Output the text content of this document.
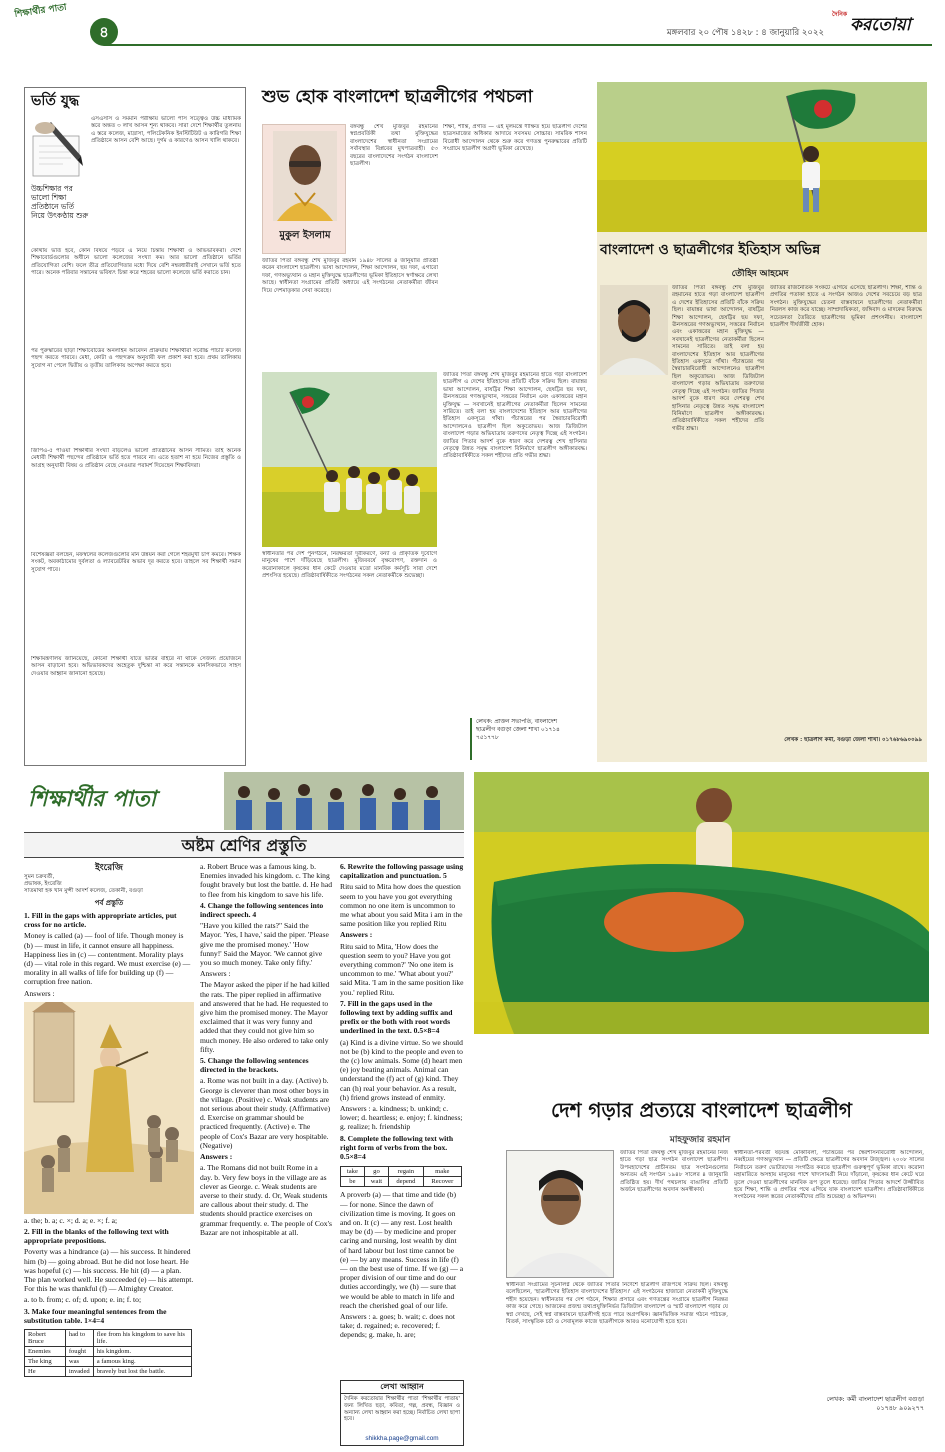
শিক্ষার্থীর পাতা
৪	মঙ্গলবার ২০ পৌষ ১৪২৮ : ৪ জানুয়ারি ২০২২
দৈনিক
করতোয়া
ভর্তি যুদ্ধ
উচ্চশিক্ষার পর ভালো শিক্ষা প্রতিষ্ঠানে ভর্তি নিয়ে উৎকণ্ঠায় শুরু
এসএসসি ও সমমান পরীক্ষায় ভালো পাস সত্ত্বেও উচ্চ মাধ্যমিক স্তরে অন্তত ৩ লাখ আসন শূন্য থাকবে। সারা দেশে শিক্ষার্থীর তুলনায় এ স্তরে কলেজ, মাদ্রাসা, পলিটেকনিক ইনস্টিটিউট ও কারিগরি শিক্ষা প্রতিষ্ঠানে আসন বেশি আছে। দুর্গম ও কারণেও আসন খালি থাকবে।
কোথায় ভর্তি হবে, কোন বিষয়ে পড়বে এ নিয়ে চিন্তায় শিক্ষার্থী ও অভিভাবকরা। দেশে শিক্ষাবোর্ডগুলোর অধীনে ভালো কলেজের সংখ্যা কম। আর ভালো প্রতিষ্ঠানে ভর্তির প্রতিযোগিতা বেশি। ফলে তীব্র প্রতিযোগিতার মধ্যে দিয়ে বেশি নম্বরধারীরাই সেখানে ভর্তি হতে পারে। অনেক পরিবার সন্তানের ভবিষ্যৎ চিন্তা করে শহরের ভালো কলেজে ভর্তি করাতে চান।
পর পুরুস্কারের ছাড়া শিক্ষাবোর্ডের অনলাইন আবেদন প্রক্রিয়ায় শিক্ষার্থীরা সর্বোচ্চ পাঁচটি কলেজ পছন্দ করতে পারবে। মেধা, কোটা ও পছন্দক্রম অনুযায়ী ফল প্রকাশ করা হবে। প্রথম তালিকায় সুযোগ না পেলে দ্বিতীয় ও তৃতীয় তালিকায় অপেক্ষা করতে হবে।
জিপিএ-৫ পাওয়া শিক্ষার্থীর সংখ্যা বাড়লেও ভালো প্রতিষ্ঠানের আসন সীমিত। তাই অনেক মেধাবী শিক্ষার্থী পছন্দের প্রতিষ্ঠানে ভর্তি হতে পারবে না। এতে হতাশ না হয়ে নিজের প্রস্তুতি ও আগ্রহ অনুযায়ী বিষয় ও প্রতিষ্ঠান বেছে নেওয়ার পরামর্শ দিয়েছেন শিক্ষাবিদরা।
বিশেষজ্ঞরা বলছেন, মফস্বলের কলেজগুলোর মান উন্নয়ন করা গেলে শহরমুখী চাপ কমবে। শিক্ষক সংকট, অবকাঠামোর দুর্বলতা ও ল্যাবরেটরির অভাব দূর করতে হবে। তাহলে সব শিক্ষার্থী সমান সুযোগ পাবে।
শিক্ষামন্ত্রণালয় জানিয়েছে, কোনো শিক্ষার্থী যাতে ভর্তির বাইরে না থাকে সেজন্য প্রয়োজনে আসন বাড়ানো হবে। অভিভাবকদের অহেতুক দুশ্চিন্তা না করে সন্তানকে মানসিকভাবে সাহস দেওয়ার আহ্বান জানানো হয়েছে।
শুভ হোক বাংলাদেশ ছাত্রলীগের পথচলা
মুকুল ইসলাম
বঙ্গবন্ধু শেখ মুজিবুর রহমানের স্বপ্নপ্রবর্তিকী তথা মুক্তিযুদ্ধের বাংলাদেশের স্বাধীনতা সংগ্রামের সর্বাবস্থার বিপ্লবের মুখপাত্রবাহী। ৫৩ বছরের বাংলাদেশের সংগঠন বাংলাদেশ ছাত্রলীগ।
জাতির পিতা বঙ্গবন্ধু শেখ মুজিবুর রহমান ১৯৪৮ সালের ৪ জানুয়ারি প্রতিষ্ঠা করেন বাংলাদেশ ছাত্রলীগ। ভাষা আন্দোলন, শিক্ষা আন্দোলন, ছয় দফা, এগারো দফা, গণঅভ্যুত্থান ও মহান মুক্তিযুদ্ধে ছাত্রলীগের ভূমিকা ইতিহাসে স্বর্ণাক্ষরে লেখা আছে। স্বাধীনতা সংগ্রামের প্রতিটি অধ্যায়ে এই সংগঠনের নেতাকর্মীরা জীবন দিয়ে দেশমাতৃকার সেবা করেছে।
শিক্ষা, শান্তি, প্রগতি — এই মূলমন্ত্রে দীক্ষিত হয়ে ছাত্রলীগ দেশের ছাত্রসমাজের অধিকার আদায়ে সবসময় সোচ্চার। সামরিক শাসন বিরোধী আন্দোলন থেকে শুরু করে গণতন্ত্র পুনরুদ্ধারের প্রতিটি সংগ্রামে ছাত্রলীগ অগ্রণী ভূমিকা রেখেছে।
স্বাধীনতার পর দেশ পুনর্গঠনে, নিরক্ষরতা দূরীকরণে, বন্যা ও প্রাকৃতিক দুর্যোগে মানুষের পাশে দাঁড়িয়েছে ছাত্রলীগ। মুজিববর্ষে বৃক্ষরোপণ, রক্তদান ও করোনাকালে কৃষকের ধান কেটে দেওয়ার মতো মানবিক কর্মসূচি সারা দেশে প্রশংসিত হয়েছে। প্রতিষ্ঠাবার্ষিকীতে সংগঠনের সকল নেতাকর্মীকে শুভেচ্ছা।
জাতির পিতা বঙ্গবন্ধু শেখ মুজিবুর রহমানের হাতে গড়া বাংলাদেশ ছাত্রলীগ এ দেশের ইতিহাসের প্রতিটি বাঁকে সক্রিয় ছিল। বায়ান্নর ভাষা আন্দোলন, বাষট্টির শিক্ষা আন্দোলন, ছেষট্টির ছয় দফা, ঊনসত্তরের গণঅভ্যুত্থান, সত্তরের নির্বাচন এবং একাত্তরের মহান মুক্তিযুদ্ধ — সবখানেই ছাত্রলীগের নেতাকর্মীরা ছিলেন সামনের সারিতে। তাই বলা হয় বাংলাদেশের ইতিহাস আর ছাত্রলীগের ইতিহাস একসূত্রে গাঁথা। পঁচাত্তরের পর স্বৈরাচারবিরোধী আন্দোলনেও ছাত্রলীগ ছিল অকুতোভয়। আজ ডিজিটাল বাংলাদেশ গড়ার অভিযাত্রায় তরুণদের নেতৃত্ব দিচ্ছে এই সংগঠন। জাতির পিতার আদর্শ বুকে ধারণ করে দেশরত্ন শেখ হাসিনার নেতৃত্বে উন্নত সমৃদ্ধ বাংলাদেশ বিনির্মাণে ছাত্রলীগ অঙ্গীকারবদ্ধ। প্রতিষ্ঠাবার্ষিকীতে সকল শহীদের প্রতি গভীর শ্রদ্ধা।
লেখক: প্রাক্তন সভাপতি, বাংলাদেশ ছাত্রলীগ বগুড়া জেলা শাখা ০১৭১৪ ৭৫১৭৭৮
বাংলাদেশ ও ছাত্রলীগের ইতিহাস অভিন্ন
তৌহিদ আহমেদ
জাতির পিতা বঙ্গবন্ধু শেখ মুজিবুর রহমানের হাতে গড়া বাংলাদেশ ছাত্রলীগ এ দেশের ইতিহাসের প্রতিটি বাঁকে সক্রিয় ছিল। বায়ান্নর ভাষা আন্দোলন, বাষট্টির শিক্ষা আন্দোলন, ছেষট্টির ছয় দফা, ঊনসত্তরের গণঅভ্যুত্থান, সত্তরের নির্বাচন এবং একাত্তরের মহান মুক্তিযুদ্ধ — সবখানেই ছাত্রলীগের নেতাকর্মীরা ছিলেন সামনের সারিতে। তাই বলা হয় বাংলাদেশের ইতিহাস আর ছাত্রলীগের ইতিহাস একসূত্রে গাঁথা। পঁচাত্তরের পর স্বৈরাচারবিরোধী আন্দোলনেও ছাত্রলীগ ছিল অকুতোভয়। আজ ডিজিটাল বাংলাদেশ গড়ার অভিযাত্রায় তরুণদের নেতৃত্ব দিচ্ছে এই সংগঠন। জাতির পিতার আদর্শ বুকে ধারণ করে দেশরত্ন শেখ হাসিনার নেতৃত্বে উন্নত সমৃদ্ধ বাংলাদেশ বিনির্মাণে ছাত্রলীগ অঙ্গীকারবদ্ধ। প্রতিষ্ঠাবার্ষিকীতে সকল শহীদের প্রতি গভীর শ্রদ্ধা।
জাতির রাজনৈতিক সংকটে এগিয়ে এসেছে ছাত্রলীগ। শিক্ষা, শান্তি ও প্রগতির পতাকা হাতে এ সংগঠন আজও দেশের সবচেয়ে বড় ছাত্র সংগঠন। মুক্তিযুদ্ধের চেতনা বাস্তবায়নে ছাত্রলীগের নেতাকর্মীরা নিরলস কাজ করে যাচ্ছে। সাম্প্রদায়িকতা, জঙ্গিবাদ ও মাদকের বিরুদ্ধে সচেতনতা তৈরিতে ছাত্রলীগের ভূমিকা প্রশংসনীয়। বাংলাদেশ ছাত্রলীগ দীর্ঘজীবী হোক।
লেখক : ছাত্রলীগ কর্মী, বগুড়া জেলা শাখা। ০১৭৬৮৬৯০০৯৯
শিক্ষার্থীর পাতা
অষ্টম শ্রেণির প্রস্তুতি
ইংরেজি
সুমন চক্রবর্তী,
প্রভাষক, ইংরেজি
সাতমাথা হক খান মুন্সী আদর্শ কলেজ, তেকানী, বগুড়া
পর্ব প্রস্তুতি

1. Fill in the gaps with appropriate articles, put cross for no article.

Money is called (a) — fool of life. Though money is (b) — must in life, it cannot ensure all happiness. Happiness lies in (c) — contentment. Morality plays (d) — vital role in this regard. We must exercise (e) — morality in all walks of life for building up (f) — corruption free nation.

Answers :

a. the; b. a; c. ×; d. a; e. ×; f. a;

2. Fill in the blanks of the following text with appropriate prepositions.

Poverty was a hindrance (a) — his success. It hindered him (b) — going abroad. But he did not lose heart. He was hopeful (c) — his success. He hit (d) — a plan. The plan worked well. He succeeded (e) — his attempt. For this he was thankful (f) — Almighty Creator.

a. to b. from; c. of; d. upon; e. in; f. to;

3. Make four meaningful sentences from the substitution table. 1×4=4

Robert Bruce	had to	flee from his kingdom to save his life.
Enemies	fought	his kingdom.
The king	was	a famous king.
He	invaded	bravely but lost the battle.

a. Robert Bruce was a famous king. b. Enemies invaded his kingdom. c. The king fought bravely but lost the battle. d. He had to flee from his kingdom to save his life.

4. Change the following sentences into indirect speech. 4

"Have you killed the rats?" Said the Mayor. 'Yes, I have,' said the piper. 'Please give me the promised money.' 'How funny!' Said the Mayor. 'We cannot give you so much money. Take only fifty.'

Answers :

The Mayor asked the piper if he had killed the rats. The piper replied in affirmative and answered that he had. He requested to give him the promised money. The Mayor exclaimed that it was very funny and added that they could not give him so much money. He also ordered to take only fifty.

5. Change the following sentences directed in the brackets.

a. Rome was not built in a day. (Active) b. George is cleverer than most other boys in the village. (Positive) c. Weak students are not serious about their study. (Affirmative) d. Exercise on grammar should be practiced frequently. (Active) e. The people of Cox's Bazar are very hospitable. (Negative)

Answers :

a. The Romans did not built Rome in a day. b. Very few boys in the village are as clever as George. c. Weak students are averse to their study. d. Or, Weak students are callous about their study. d. The students should practice exercises on grammar frequently. e. The people of Cox's Bazar are not inhospitable at all.

6. Rewrite the following passage using capitalization and punctuation. 5

Ritu said to Mita how does the question seem to you have you got everything common no one item is uncommon to me what about you said Mita i am in the same position like you replied Ritu

Answers :

Ritu said to Mita, 'How does the question seem to you? Have you got everything common?' 'No one item is uncommon to me.' 'What about you?' said Mita. 'I am in the same position like you.' replied Ritu.

7. Fill in the gaps used in the following text by adding suffix and prefix or the both with root words underlined in the text. 0.5×8=4

(a) Kind is a divine virtue. So we should not be (b) kind to the people and even to the (c) low animals. Some (d) heart men (e) joy beating animals. Animal can understand the (f) act of (g) kind. They can (h) real your behavior. As a result, (h) friend grows instead of enmity.

Answers : a. kindness; b. unkind; c. lower; d. heartless; e. enjoy; f. kindness; g. realize; h. friendship

8. Complete the following text with right form of verbs from the box. 0.5×8=4

take	go	regain	make
be	wait	depend	Recover

A proverb (a) — that time and tide (b) — for none. Since the dawn of civilization time is moving. It goes on and on. It (c) — any rest. Lost health may be (d) — by medicine and proper caring and nursing, lost wealth by dint of hard labour but lost time cannot be (e) — by any means. Success in life (f) — on the best use of time. If we (g) — a proper division of our time and do our duties accordingly, we (h) — sure that we would be able to match in life and reach the cherished goal of our life.

Answers : a. goes; b. wait; c. does not take; d. regained; e. recovered; f. depends; g. make, h. are;

লেখা আহ্বান
দৈনিক করতোয়ার শিক্ষার্থীর পাতা 'শিক্ষার্থীর পাতায়' জন্য লিখিত ছড়া, কবিতা, গল্প, প্রবন্ধ, বিজ্ঞান ও অন্যান্য লেখা আহ্বান করা হচ্ছে। নির্বাচিত লেখা ছাপা হবে।
shikkha.page@gmail.com
দেশ গড়ার প্রত্যয়ে বাংলাদেশ ছাত্রলীগ
মাহফুজার রহমান
জাতির পিতা বঙ্গবন্ধু শেখ মুজিবুর রহমানের নিজ হাতে গড়া ছাত্র সংগঠন বাংলাদেশ ছাত্রলীগ। উপমহাদেশের প্রাচীনতম ছাত্র সংগঠনগুলোর অন্যতম এই সংগঠন ১৯৪৮ সালের ৪ জানুয়ারি প্রতিষ্ঠিত হয়। দীর্ঘ পথচলায় বাঙালির প্রতিটি অর্জনে ছাত্রলীগের অবদান অনস্বীকার্য।
স্বাধীনতা সংগ্রামের সূচনালগ্ন থেকে জাতির পিতার নির্দেশে ছাত্রলীগ রাজপথে সক্রিয় ছিল। বঙ্গবন্ধু বলেছিলেন, 'ছাত্রলীগের ইতিহাস বাংলাদেশের ইতিহাস।' এই সংগঠনের হাজারো নেতাকর্মী মুক্তিযুদ্ধে শহীদ হয়েছেন। স্বাধীনতার পর দেশ গঠনে, শিক্ষার প্রসারে এবং গণতন্ত্রের সংগ্রামে ছাত্রলীগ নিরন্তর কাজ করে গেছে। আজকের প্রজন্ম তথ্যপ্রযুক্তিনির্ভর ডিজিটাল বাংলাদেশ ও স্মার্ট বাংলাদেশ গড়ার যে স্বপ্ন দেখছে, সেই স্বপ্ন বাস্তবায়নে ছাত্রলীগই হতে পারে অগ্রপথিক। জ্ঞানভিত্তিক সমাজ গঠনে পাঠচক্র, বিতর্ক, সাংস্কৃতিক চর্চা ও সেবামূলক কাজে ছাত্রলীগকে আরও মনোযোগী হতে হবে।
স্বাধীনতা-পরবর্তী ষড়যন্ত্র মোকাবিলা, পঁচাত্তরের পর স্বৈরশাসনবিরোধী আন্দোলন, নব্বইয়ের গণঅভ্যুত্থান — প্রতিটি ক্ষেত্রে ছাত্রলীগের অবদান উজ্জ্বল। ২০০৮ সালের নির্বাচনে তরুণ ভোটারদের সংগঠিত করতে ছাত্রলীগ গুরুত্বপূর্ণ ভূমিকা রাখে। করোনা মহামারিতে অসহায় মানুষের পাশে খাদ্যসামগ্রী নিয়ে দাঁড়ানো, কৃষকের ধান কেটে ঘরে তুলে দেওয়া ছাত্রলীগের মানবিক রূপ তুলে ধরেছে। জাতির পিতার আদর্শে উজ্জীবিত হয়ে শিক্ষা, শান্তি ও প্রগতির পথে এগিয়ে যাক বাংলাদেশ ছাত্রলীগ। প্রতিষ্ঠাবার্ষিকীতে সংগঠনের সকল স্তরের নেতাকর্মীদের প্রতি শুভেচ্ছা ও অভিনন্দন।
লেখক: কর্মী বাংলাদেশ ছাত্রলীগ বগুড়া ০১৭৪৮ ৯০৯২৭৭
